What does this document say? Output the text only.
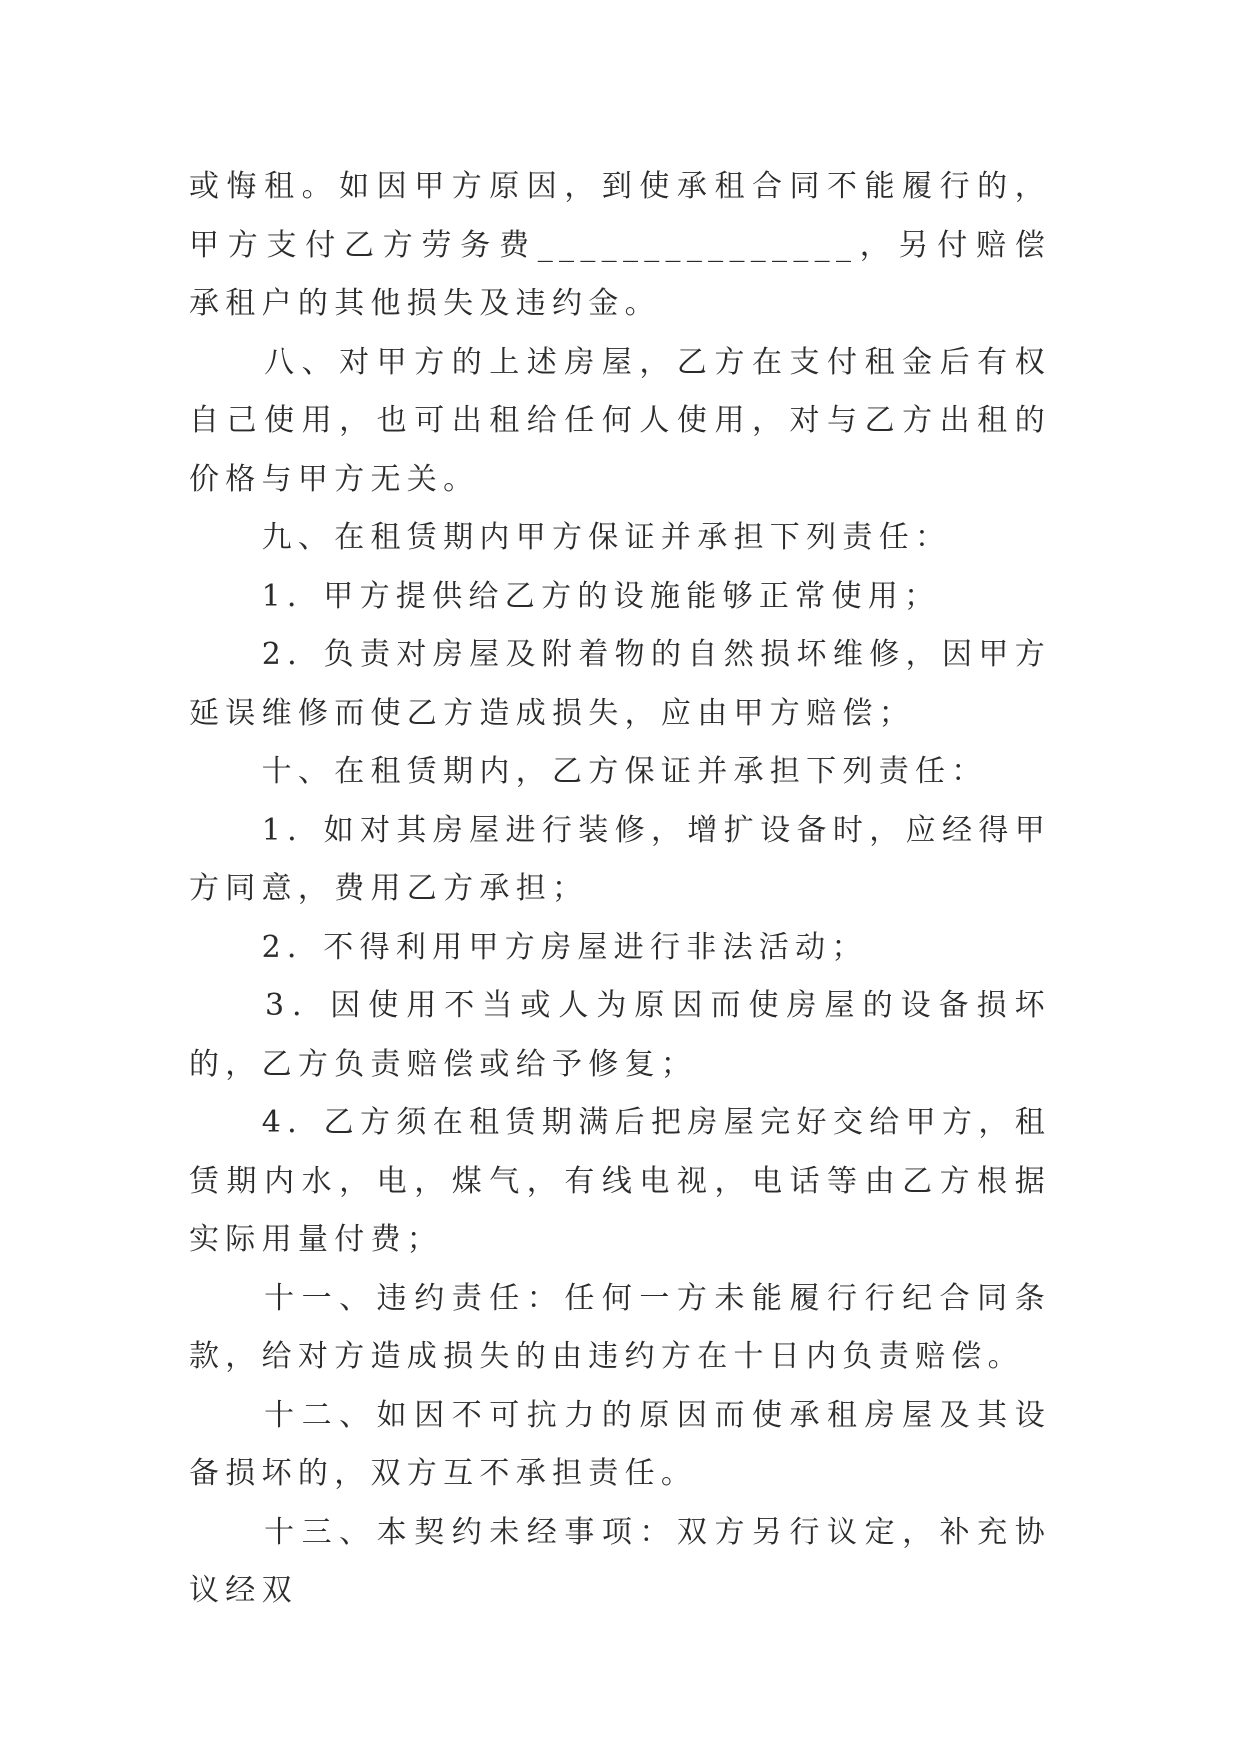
或悔租。如因甲方原因，到使承租合同不能履行的，甲方支付乙方劳务费_______________，另付赔偿承租户的其他损失及违约金。

　　八、对甲方的上述房屋，乙方在支付租金后有权自己使用，也可出租给任何人使用，对与乙方出租的价格与甲方无关。

　　九、在租赁期内甲方保证并承担下列责任：

　　1．甲方提供给乙方的设施能够正常使用；

　　2．负责对房屋及附着物的自然损坏维修，因甲方延误维修而使乙方造成损失，应由甲方赔偿；

　　十、在租赁期内，乙方保证并承担下列责任：

　　1．如对其房屋进行装修，增扩设备时，应经得甲方同意，费用乙方承担；

　　2．不得利用甲方房屋进行非法活动；

　　3．因使用不当或人为原因而使房屋的设备损坏的，乙方负责赔偿或给予修复；

　　4．乙方须在租赁期满后把房屋完好交给甲方，租赁期内水，电，煤气，有线电视，电话等由乙方根据实际用量付费；

　　十一、违约责任：任何一方未能履行行纪合同条款，给对方造成损失的由违约方在十日内负责赔偿。

　　十二、如因不可抗力的原因而使承租房屋及其设备损坏的，双方互不承担责任。

　　十三、本契约未经事项：双方另行议定，补充协议经双
